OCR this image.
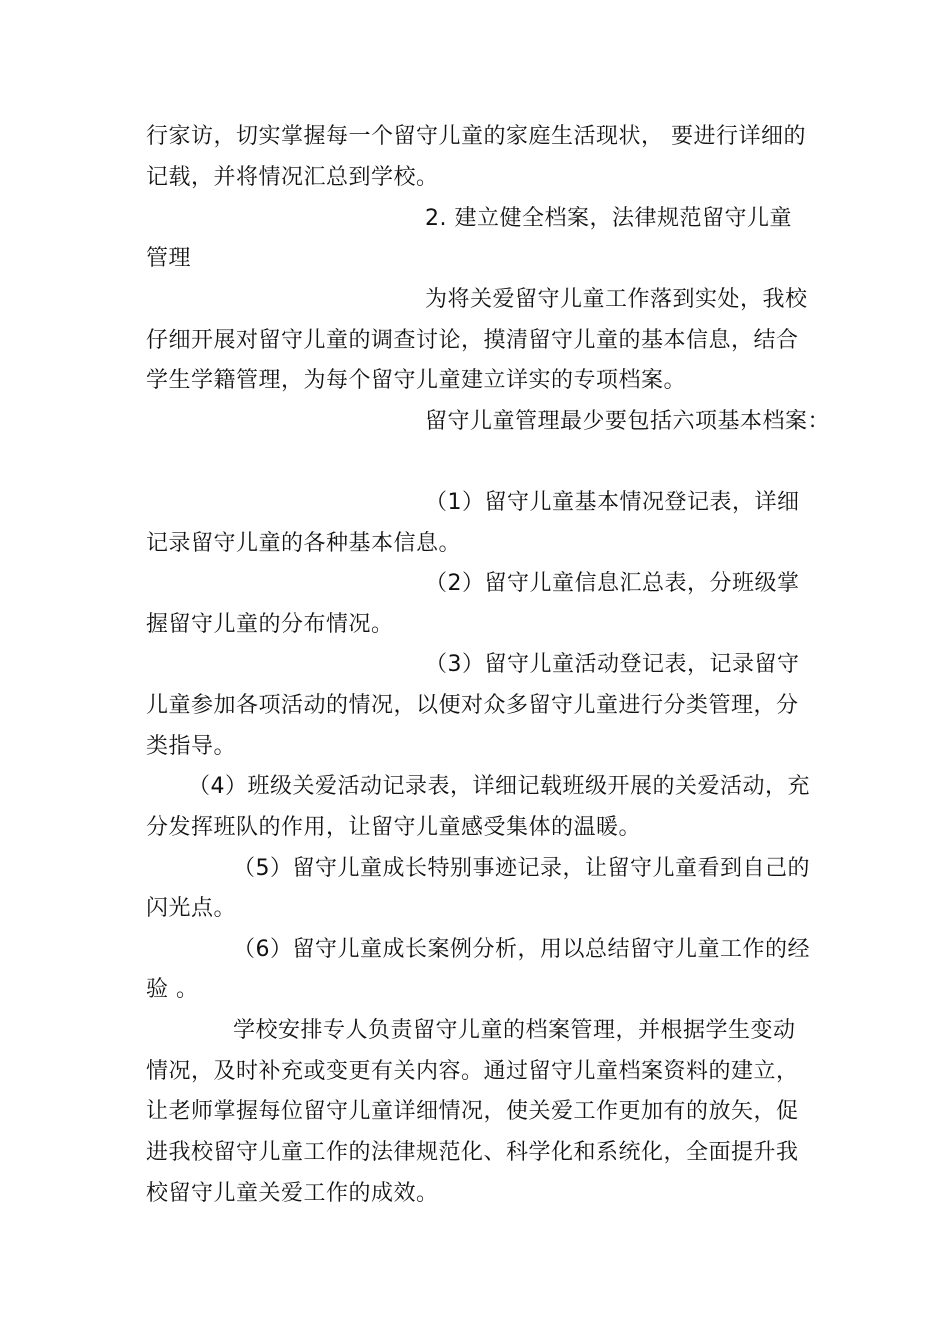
行家访，切实掌握每一个留守儿童的家庭生活现状， 要进行详细的
记载，并将情况汇总到学校。
2. 建立健全档案，法律规范留守儿童
管理
为将关爱留守儿童工作落到实处，我校
仔细开展对留守儿童的调查讨论，摸清留守儿童的基本信息，结合
学生学籍管理，为每个留守儿童建立详实的专项档案。
留守儿童管理最少要包括六项基本档案：
（1）留守儿童基本情况登记表，详细
记录留守儿童的各种基本信息。
（2）留守儿童信息汇总表，分班级掌
握留守儿童的分布情况。
（3）留守儿童活动登记表，记录留守
儿童参加各项活动的情况，以便对众多留守儿童进行分类管理，分
类指导。
（4）班级关爱活动记录表，详细记载班级开展的关爱活动，充
分发挥班队的作用，让留守儿童感受集体的温暖。
（5）留守儿童成长特别事迹记录，让留守儿童看到自己的
闪光点。
（6）留守儿童成长案例分析，用以总结留守儿童工作的经
验 。
学校安排专人负责留守儿童的档案管理，并根据学生变动
情况，及时补充或变更有关内容。通过留守儿童档案资料的建立，
让老师掌握每位留守儿童详细情况，使关爱工作更加有的放矢，促
进我校留守儿童工作的法律规范化、科学化和系统化，全面提升我
校留守儿童关爱工作的成效。
